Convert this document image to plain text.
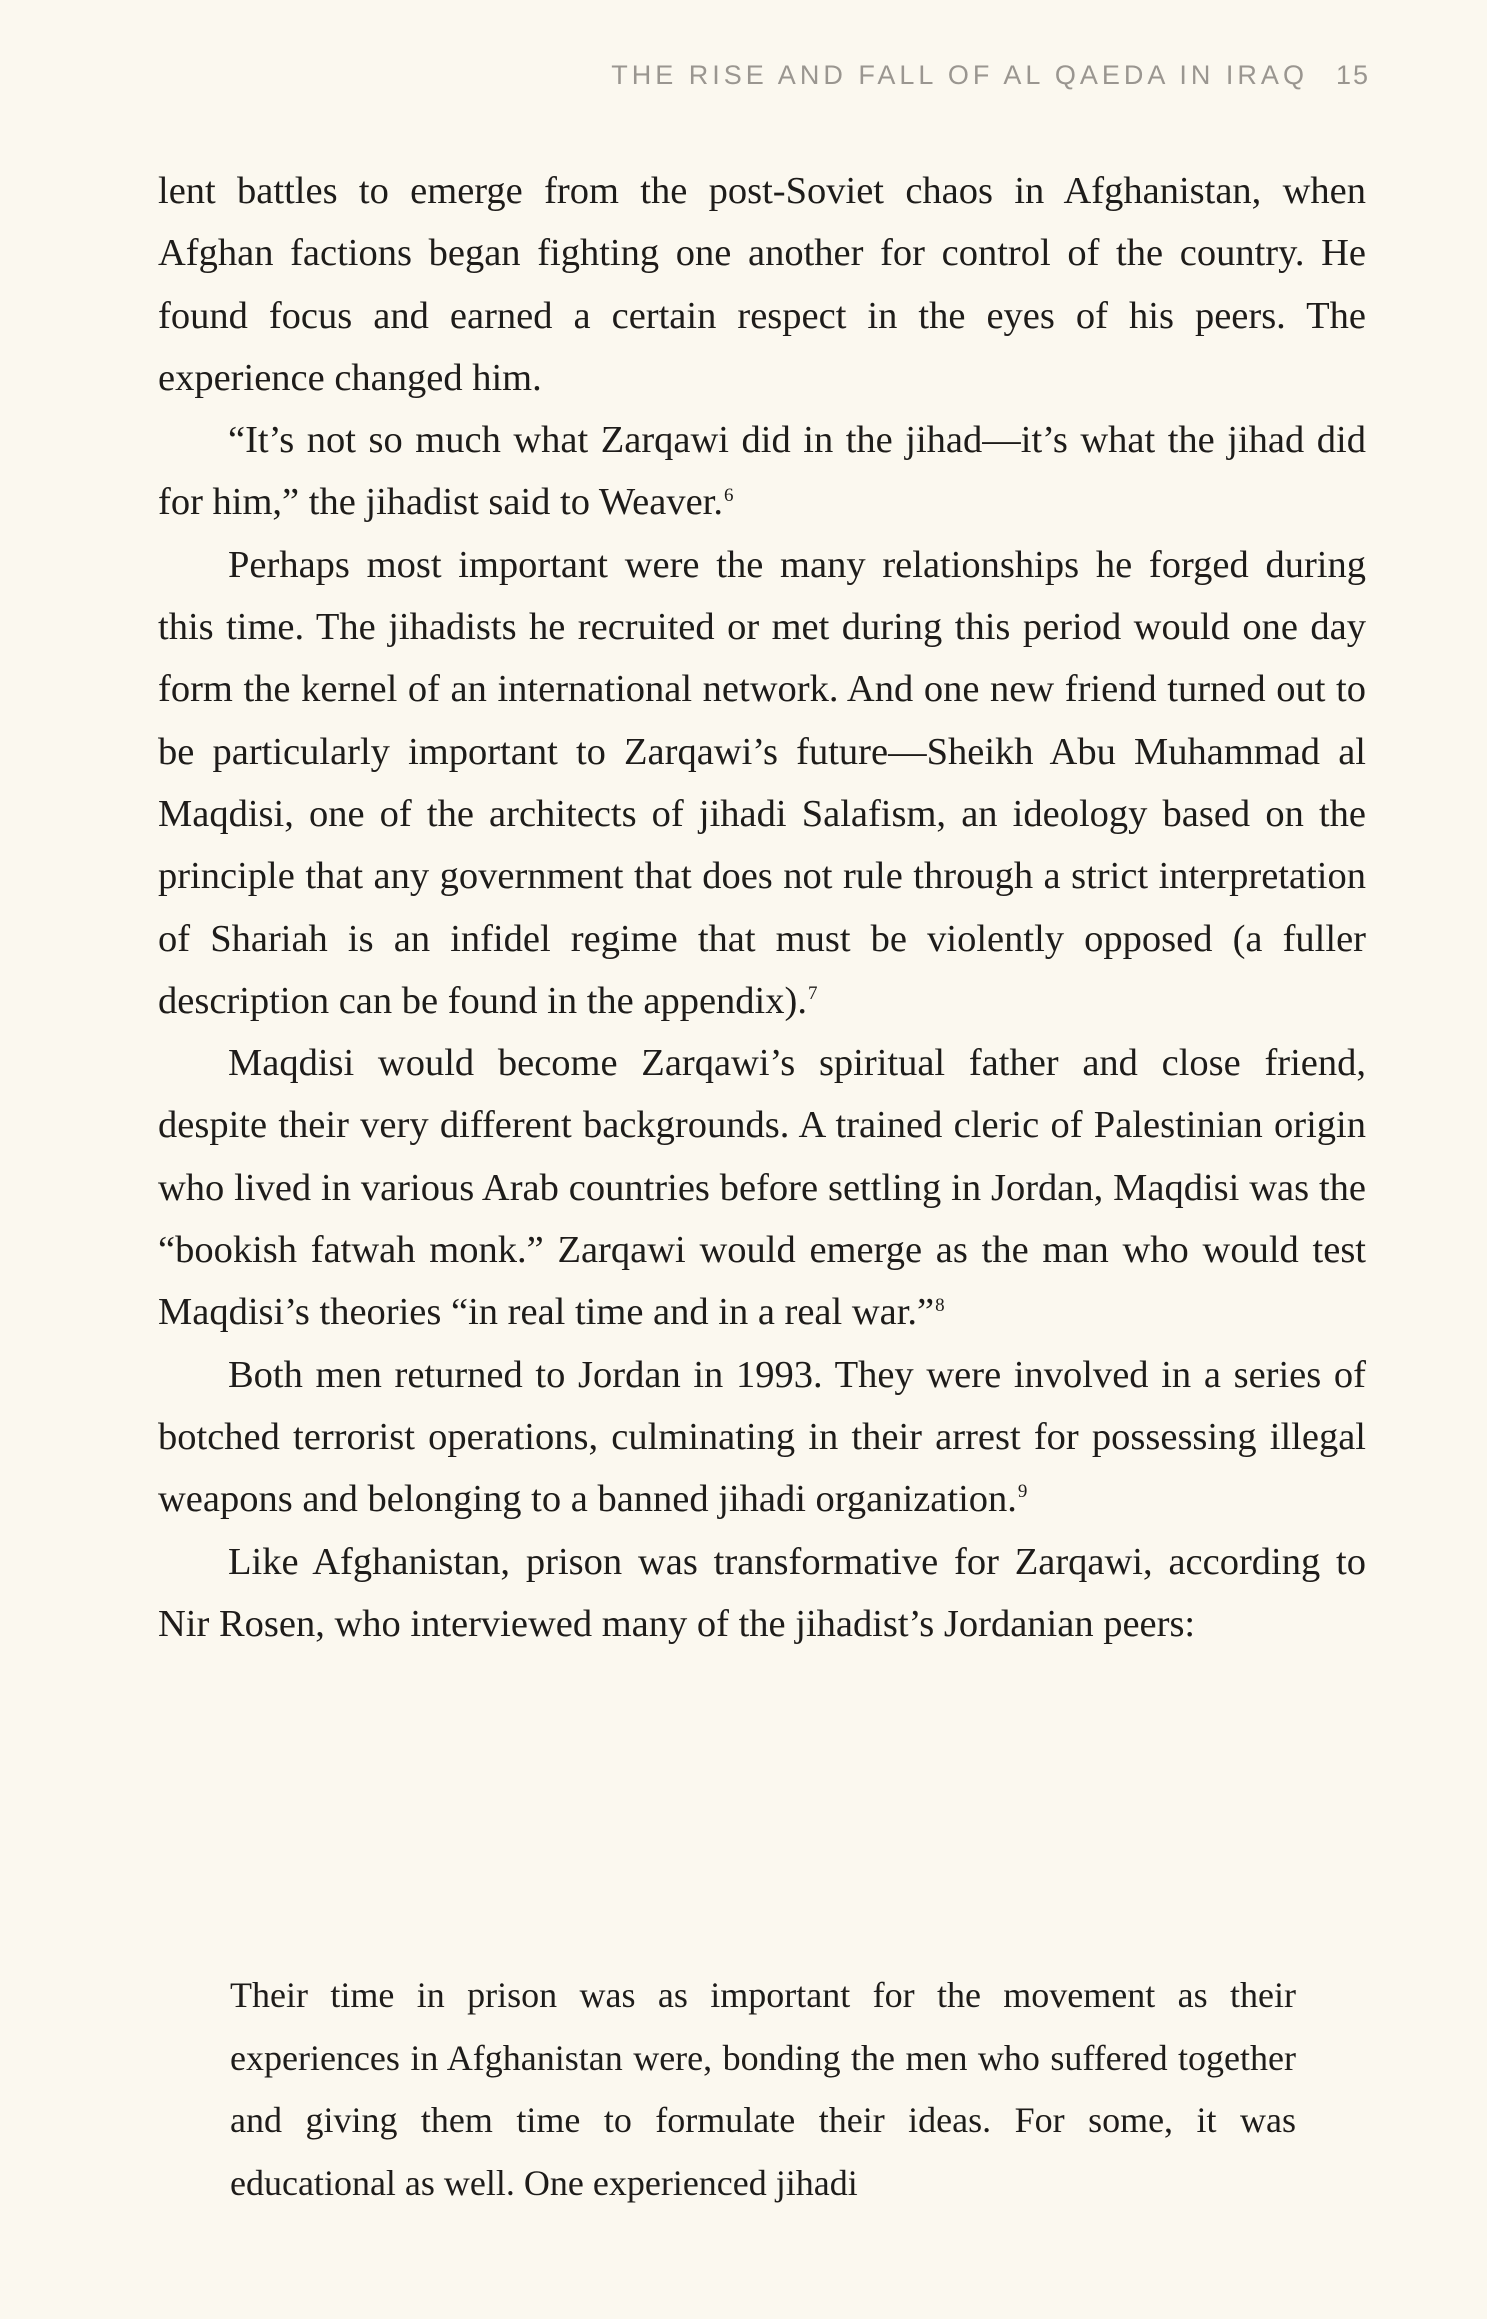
THE RISE AND FALL OF AL QAEDA IN IRAQ 15

lent battles to emerge from the post-Soviet chaos in Afghanistan, when Afghan factions began fighting one another for control of the country. He found focus and earned a certain respect in the eyes of his peers. The experience changed him.

“It’s not so much what Zarqawi did in the jihad—it’s what the jihad did for him,” the jihadist said to Weaver.$^6$

Perhaps most important were the many relationships he forged during this time. The jihadists he recruited or met during this period would one day form the kernel of an international network. And one new friend turned out to be particularly important to Zarqawi’s future—Sheikh Abu Muhammad al Maqdisi, one of the architects of jihadi Salafism, an ideology based on the principle that any government that does not rule through a strict interpretation of Shariah is an infidel regime that must be violently opposed (a fuller description can be found in the appendix).$^7$

Maqdisi would become Zarqawi’s spiritual father and close friend, despite their very different backgrounds. A trained cleric of Palestinian origin who lived in various Arab countries before settling in Jordan, Maqdisi was the “bookish fatwah monk.” Zarqawi would emerge as the man who would test Maqdisi’s theories “in real time and in a real war.”$^8$

Both men returned to Jordan in 1993. They were involved in a series of botched terrorist operations, culminating in their arrest for possessing illegal weapons and belonging to a banned jihadi organization.$^9$

Like Afghanistan, prison was transformative for Zarqawi, according to Nir Rosen, who interviewed many of the jihadist’s Jordanian peers:

Their time in prison was as important for the movement as their experiences in Afghanistan were, bonding the men who suffered together and giving them time to formulate their ideas. For some, it was educational as well. One experienced jihadi
